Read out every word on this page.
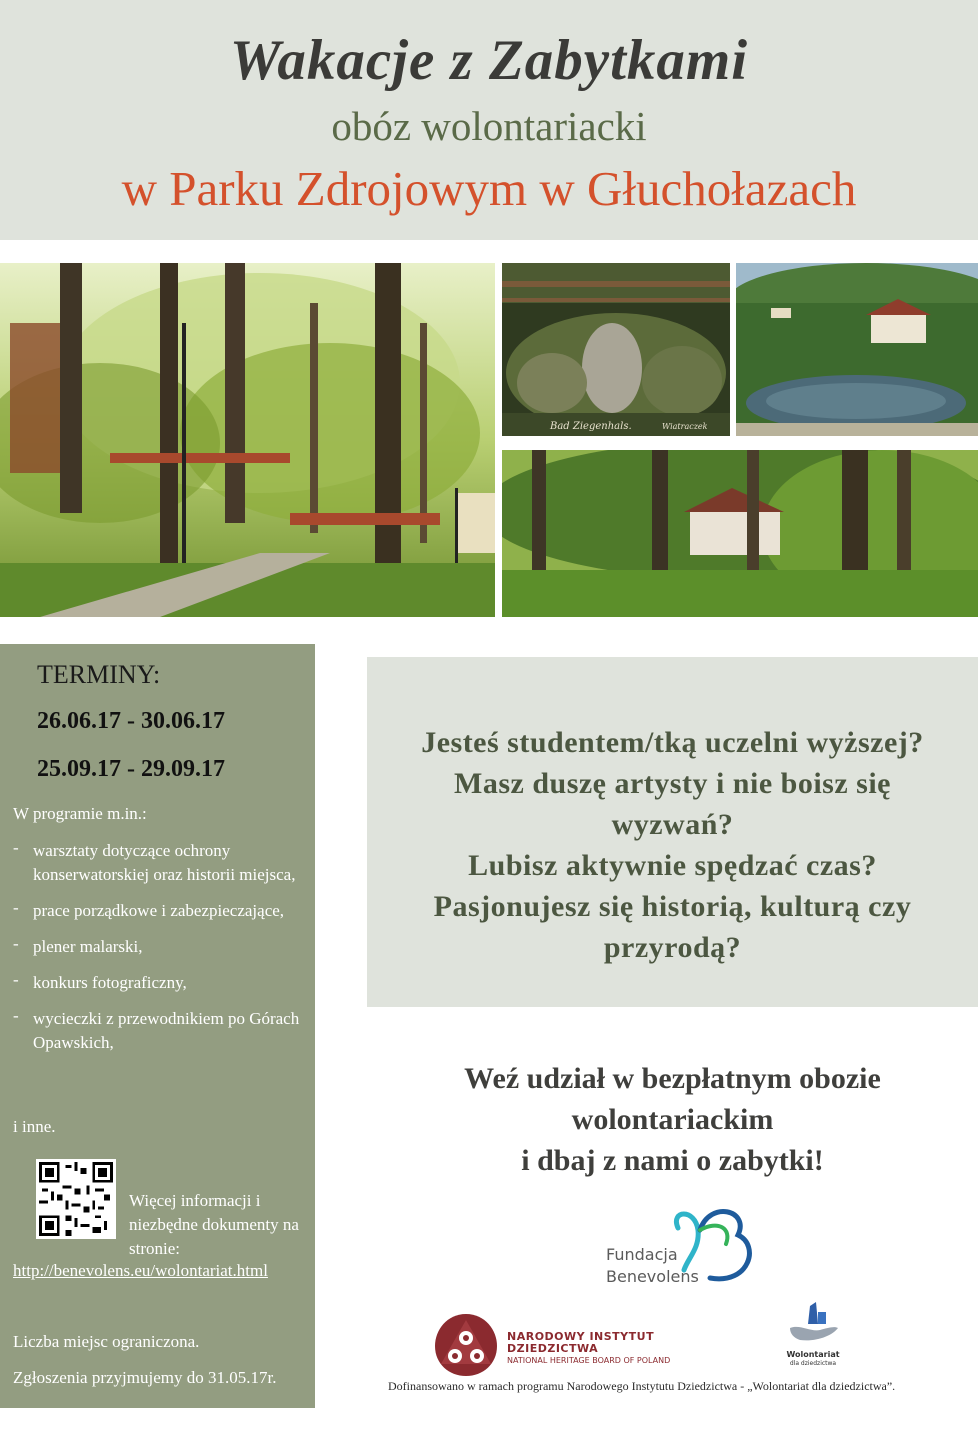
Wakacje z Zabytkami
obóz wolontariacki
w Parku Zdrojowym w Głuchołazach
Bad Ziegenhals.	Wiatraczek
TERMINY:
26.06.17 - 30.06.17
25.09.17 - 29.09.17
W programie m.in.:
- warsztaty dotyczące ochrony konserwatorskiej oraz historii miejsca,
- prace porządkowe i zabezpieczające,
- plener malarski,
- konkurs fotograficzny,
- wycieczki z przewodnikiem po Górach Opawskich,
i inne.
Więcej informacji i niezbędne dokumenty na stronie:
http://benevolens.eu/wolontariat.html
Liczba miejsc ograniczona.
Zgłoszenia przyjmujemy do 31.05.17r.
Jesteś studentem/tką uczelni wyższej?
Masz duszę artysty i nie boisz się
wyzwań?
Lubisz aktywnie spędzać czas?
Pasjonujesz się historią, kulturą czy
przyrodą?
Weź udział w bezpłatnym obozie
wolontariackim
i dbaj z nami o zabytki!
Fundacja
Benevolens
NARODOWY INSTYTUT
DZIEDZICTWA
NATIONAL HERITAGE BOARD OF POLAND
Wolontariat
dla dziedzictwa
Dofinansowano w ramach programu Narodowego Instytutu Dziedzictwa - „Wolontariat dla dziedzictwa”.
